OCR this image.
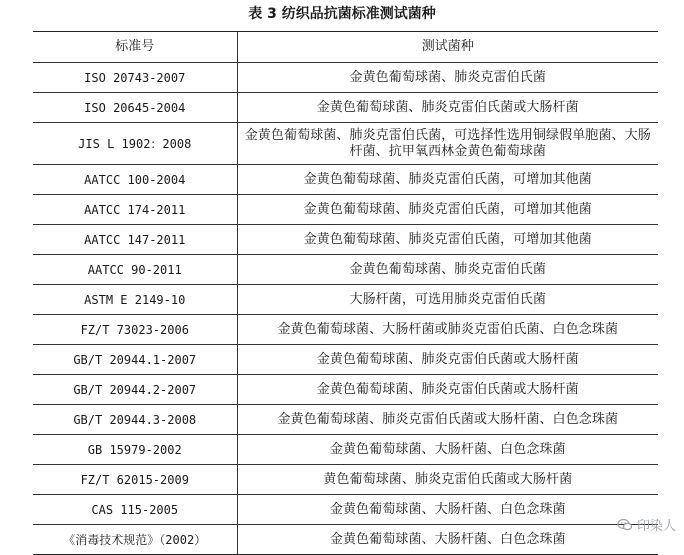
表 3 纺织品抗菌标准测试菌种
标准号	测试菌种
ISO 20743-2007	金黄色葡萄球菌、肺炎克雷伯氏菌
ISO 20645-2004	金黄色葡萄球菌、肺炎克雷伯氏菌或大肠杆菌
JIS L 1902：2008	金黄色葡萄球菌、肺炎克雷伯氏菌，可选择性选用铜绿假单胞菌、大肠杆菌、抗甲氧西林金黄色葡萄球菌
AATCC 100-2004	金黄色葡萄球菌、肺炎克雷伯氏菌，可增加其他菌
AATCC 174-2011	金黄色葡萄球菌、肺炎克雷伯氏菌，可增加其他菌
AATCC 147-2011	金黄色葡萄球菌、肺炎克雷伯氏菌，可增加其他菌
AATCC 90-2011	金黄色葡萄球菌、肺炎克雷伯氏菌
ASTM E 2149-10	大肠杆菌，可选用肺炎克雷伯氏菌
FZ/T 73023-2006	金黄色葡萄球菌、大肠杆菌或肺炎克雷伯氏菌、白色念珠菌
GB/T 20944.1-2007	金黄色葡萄球菌、肺炎克雷伯氏菌或大肠杆菌
GB/T 20944.2-2007	金黄色葡萄球菌、肺炎克雷伯氏菌或大肠杆菌
GB/T 20944.3-2008	金黄色葡萄球菌、肺炎克雷伯氏菌或大肠杆菌、白色念珠菌
GB 15979-2002	金黄色葡萄球菌、大肠杆菌、白色念珠菌
FZ/T 62015-2009	黄色葡萄球菌、肺炎克雷伯氏菌或大肠杆菌
CAS 115-2005	金黄色葡萄球菌、大肠杆菌、白色念珠菌
《消毒技术规范》（2002）	金黄色葡萄球菌、大肠杆菌、白色念珠菌
印染人
